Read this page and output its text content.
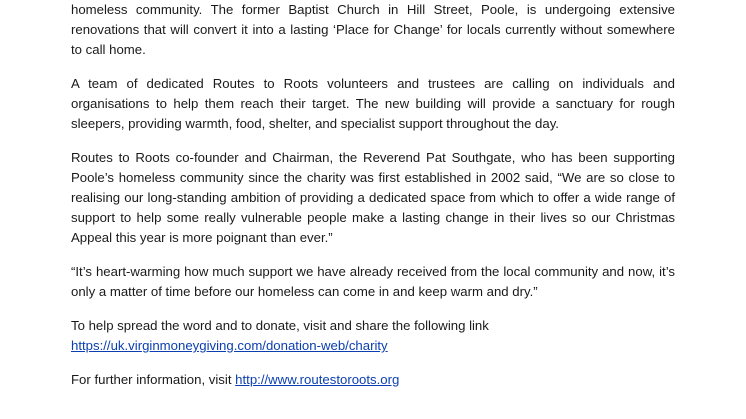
homeless community. The former Baptist Church in Hill Street, Poole, is undergoing extensive renovations that will convert it into a lasting ‘Place for Change’ for locals currently without somewhere to call home.

A team of dedicated Routes to Roots volunteers and trustees are calling on individuals and organisations to help them reach their target. The new building will provide a sanctuary for rough sleepers, providing warmth, food, shelter, and specialist support throughout the day.

Routes to Roots co-founder and Chairman, the Reverend Pat Southgate, who has been supporting Poole’s homeless community since the charity was first established in 2002 said, “We are so close to realising our long-standing ambition of providing a dedicated space from which to offer a wide range of support to help some really vulnerable people make a lasting change in their lives so our Christmas Appeal this year is more poignant than ever.”

“It’s heart-warming how much support we have already received from the local community and now, it’s only a matter of time before our homeless can come in and keep warm and dry.”

To help spread the word and to donate, visit and share the following link
https://uk.virginmoneygiving.com/donation-web/charity

For further information, visit http://www.routestoroots.org
